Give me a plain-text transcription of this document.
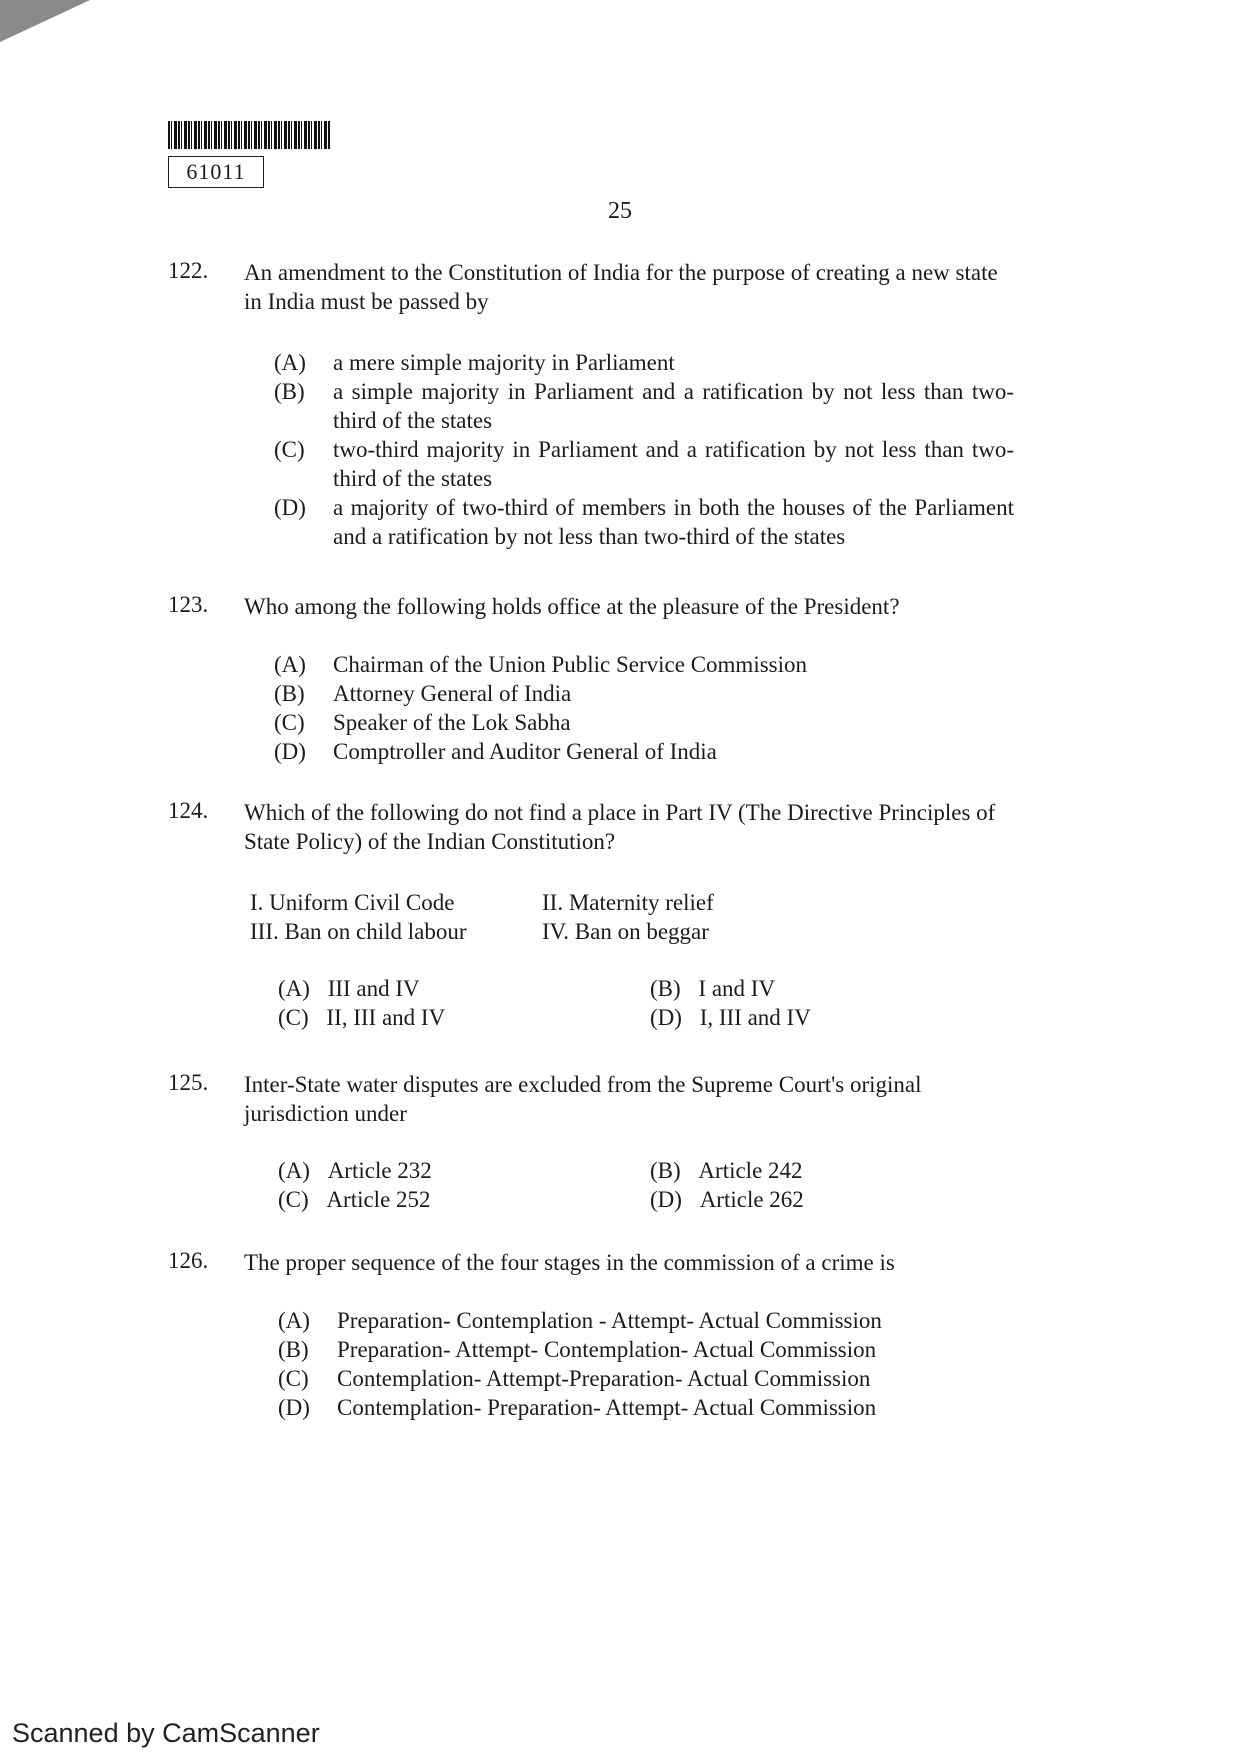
61011
25
122. An amendment to the Constitution of India for the purpose of creating a new state in India must be passed by
(A) a mere simple majority in Parliament
(B) a simple majority in Parliament and a ratification by not less than two-third of the states
(C) two-third majority in Parliament and a ratification by not less than two-third of the states
(D) a majority of two-third of members in both the houses of the Parliament and a ratification by not less than two-third of the states
123. Who among the following holds office at the pleasure of the President?
(A) Chairman of the Union Public Service Commission
(B) Attorney General of India
(C) Speaker of the Lok Sabha
(D) Comptroller and Auditor General of India
124. Which of the following do not find a place in Part IV (The Directive Principles of State Policy) of the Indian Constitution?
I. Uniform Civil Code	II. Maternity relief
III. Ban on child labour	IV. Ban on beggar
(A) III and IV	(B) I and IV
(C) II, III and IV	(D) I, III and IV
125. Inter-State water disputes are excluded from the Supreme Court's original jurisdiction under
(A) Article 232	(B) Article 242
(C) Article 252	(D) Article 262
126. The proper sequence of the four stages in the commission of a crime is
(A) Preparation- Contemplation - Attempt- Actual Commission
(B) Preparation- Attempt- Contemplation- Actual Commission
(C) Contemplation- Attempt-Preparation- Actual Commission
(D) Contemplation- Preparation- Attempt- Actual Commission
Scanned by CamScanner
